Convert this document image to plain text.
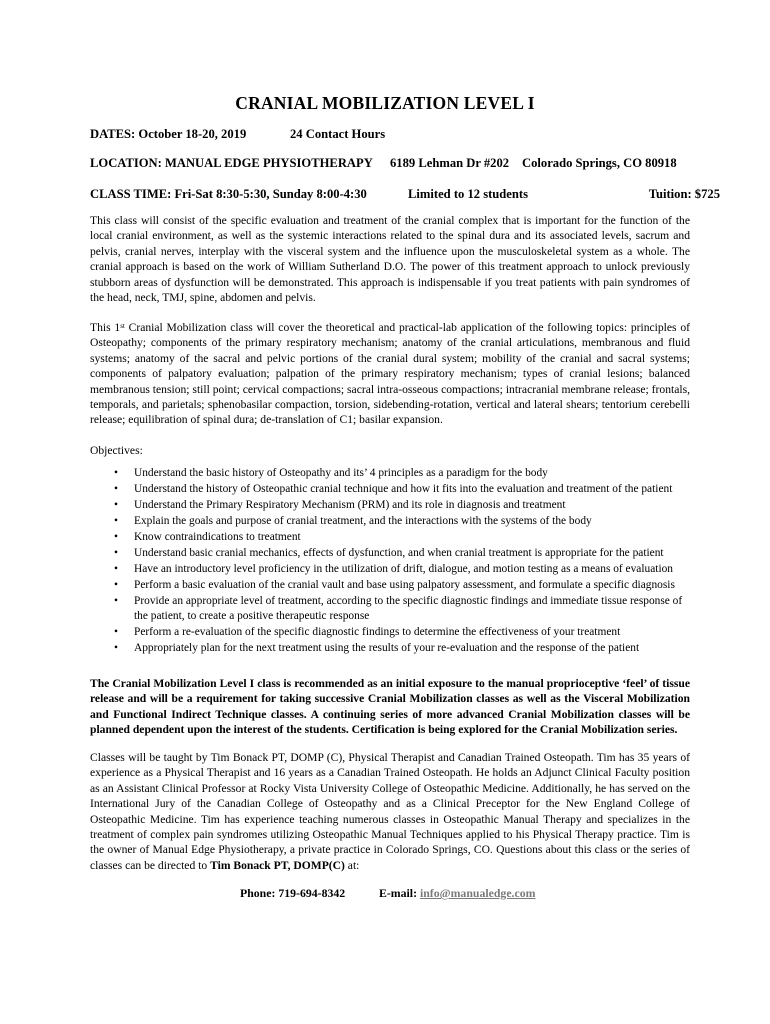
CRANIAL MOBILIZATION LEVEL I
DATES: October 18-20, 2019	24 Contact Hours
LOCATION: MANUAL EDGE PHYSIOTHERAPY 6189 Lehman Dr #202 Colorado Springs, CO 80918
CLASS TIME: Fri-Sat 8:30-5:30, Sunday 8:00-4:30	Limited to 12 students	Tuition: $725
This class will consist of the specific evaluation and treatment of the cranial complex that is important for the function of the local cranial environment, as well as the systemic interactions related to the spinal dura and its associated levels, sacrum and pelvis, cranial nerves, interplay with the visceral system and the influence upon the musculoskeletal system as a whole. The cranial approach is based on the work of William Sutherland D.O. The power of this treatment approach to unlock previously stubborn areas of dysfunction will be demonstrated. This approach is indispensable if you treat patients with pain syndromes of the head, neck, TMJ, spine, abdomen and pelvis.
This 1st Cranial Mobilization class will cover the theoretical and practical-lab application of the following topics: principles of Osteopathy; components of the primary respiratory mechanism; anatomy of the cranial articulations, membranous and fluid systems; anatomy of the sacral and pelvic portions of the cranial dural system; mobility of the cranial and sacral systems; components of palpatory evaluation; palpation of the primary respiratory mechanism; types of cranial lesions; balanced membranous tension; still point; cervical compactions; sacral intra-osseous compactions; intracranial membrane release; frontals, temporals, and parietals; sphenobasilar compaction, torsion, sidebending-rotation, vertical and lateral shears; tentorium cerebelli release; equilibration of spinal dura; de-translation of C1; basilar expansion.
Objectives:
• Understand the basic history of Osteopathy and its’ 4 principles as a paradigm for the body
• Understand the history of Osteopathic cranial technique and how it fits into the evaluation and treatment of the patient
• Understand the Primary Respiratory Mechanism (PRM) and its role in diagnosis and treatment
• Explain the goals and purpose of cranial treatment, and the interactions with the systems of the body
• Know contraindications to treatment
• Understand basic cranial mechanics, effects of dysfunction, and when cranial treatment is appropriate for the patient
• Have an introductory level proficiency in the utilization of drift, dialogue, and motion testing as a means of evaluation
• Perform a basic evaluation of the cranial vault and base using palpatory assessment, and formulate a specific diagnosis
• Provide an appropriate level of treatment, according to the specific diagnostic findings and immediate tissue response of the patient, to create a positive therapeutic response
• Perform a re-evaluation of the specific diagnostic findings to determine the effectiveness of your treatment
• Appropriately plan for the next treatment using the results of your re-evaluation and the response of the patient
The Cranial Mobilization Level I class is recommended as an initial exposure to the manual proprioceptive ‘feel’ of tissue release and will be a requirement for taking successive Cranial Mobilization classes as well as the Visceral Mobilization and Functional Indirect Technique classes. A continuing series of more advanced Cranial Mobilization classes will be planned dependent upon the interest of the students. Certification is being explored for the Cranial Mobilization series.
Classes will be taught by Tim Bonack PT, DOMP (C), Physical Therapist and Canadian Trained Osteopath. Tim has 35 years of experience as a Physical Therapist and 16 years as a Canadian Trained Osteopath. He holds an Adjunct Clinical Faculty position as an Assistant Clinical Professor at Rocky Vista University College of Osteopathic Medicine. Additionally, he has served on the International Jury of the Canadian College of Osteopathy and as a Clinical Preceptor for the New England College of Osteopathic Medicine. Tim has experience teaching numerous classes in Osteopathic Manual Therapy and specializes in the treatment of complex pain syndromes utilizing Osteopathic Manual Techniques applied to his Physical Therapy practice. Tim is the owner of Manual Edge Physiotherapy, a private practice in Colorado Springs, CO. Questions about this class or the series of classes can be directed to Tim Bonack PT, DOMP(C) at:
Phone: 719-694-8342	E-mail: info@manualedge.com
